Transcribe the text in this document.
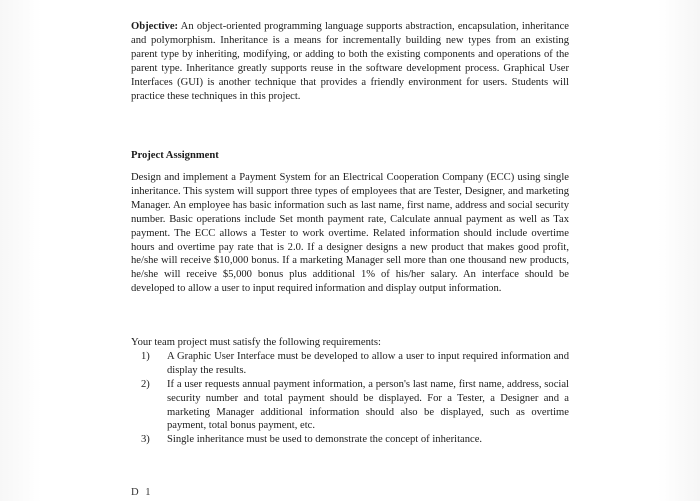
Objective: An object-oriented programming language supports abstraction, encapsulation, inheritance and polymorphism. Inheritance is a means for incrementally building new types from an existing parent type by inheriting, modifying, or adding to both the existing components and operations of the parent type. Inheritance greatly supports reuse in the software development process. Graphical User Interfaces (GUI) is another technique that provides a friendly environment for users. Students will practice these techniques in this project.

Project Assignment

Design and implement a Payment System for an Electrical Cooperation Company (ECC) using single inheritance. This system will support three types of employees that are Tester, Designer, and marketing Manager. An employee has basic information such as last name, first name, address and social security number. Basic operations include Set month payment rate, Calculate annual payment as well as Tax payment. The ECC allows a Tester to work overtime. Related information should include overtime hours and overtime pay rate that is 2.0. If a designer designs a new product that makes good profit, he/she will receive $10,000 bonus. If a marketing Manager sell more than one thousand new products, he/she will receive $5,000 bonus plus additional 1% of his/her salary. An interface should be developed to allow a user to input required information and display output information.

Your team project must satisfy the following requirements:

1) A Graphic User Interface must be developed to allow a user to input required information and display the results.
2) If a user requests annual payment information, a person's last name, first name, address, social security number and total payment should be displayed. For a Tester, a Designer and a marketing Manager additional information should also be displayed, such as overtime payment, total bonus payment, etc.
3) Single inheritance must be used to demonstrate the concept of inheritance.
D 1
